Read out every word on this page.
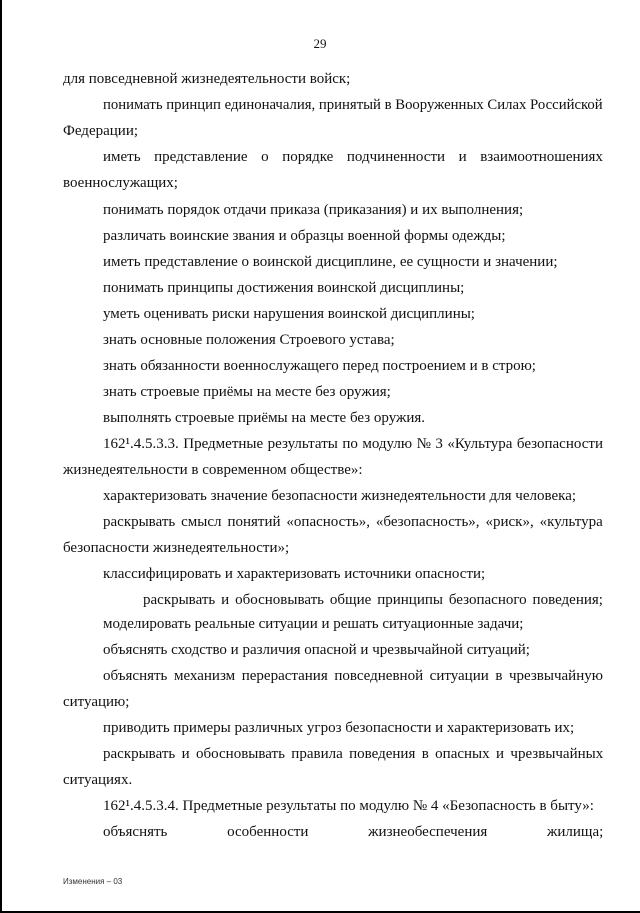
29
для повседневной жизнедеятельности войск;
понимать принцип единоначалия, принятый в Вооруженных Силах Российской
Федерации;
иметь представление о порядке подчиненности и взаимоотношениях
военнослужащих;
понимать порядок отдачи приказа (приказания) и их выполнения;
различать воинские звания и образцы военной формы одежды;
иметь представление о воинской дисциплине, ее сущности и значении;
понимать принципы достижения воинской дисциплины;
уметь оценивать риски нарушения воинской дисциплины;
знать основные положения Строевого устава;
знать обязанности военнослужащего перед построением и в строю;
знать строевые приёмы на месте без оружия;
выполнять строевые приёмы на месте без оружия.
162¹.4.5.3.3. Предметные результаты по модулю № 3 «Культура безопасности
жизнедеятельности в современном обществе»:
характеризовать значение безопасности жизнедеятельности для человека;
раскрывать смысл понятий «опасность», «безопасность», «риск», «культура
безопасности жизнедеятельности»;
классифицировать и характеризовать источники опасности;
раскрывать и обосновывать общие принципы безопасного поведения;
моделировать реальные ситуации и решать ситуационные задачи;
объяснять сходство и различия опасной и чрезвычайной ситуаций;
объяснять механизм перерастания повседневной ситуации в чрезвычайную
ситуацию;
приводить примеры различных угроз безопасности и характеризовать их;
раскрывать и обосновывать правила поведения в опасных и чрезвычайных
ситуациях.
162¹.4.5.3.4. Предметные результаты по модулю № 4 «Безопасность в быту»:
объяснять особенности жизнеобеспечения жилища;
Изменения – 03
